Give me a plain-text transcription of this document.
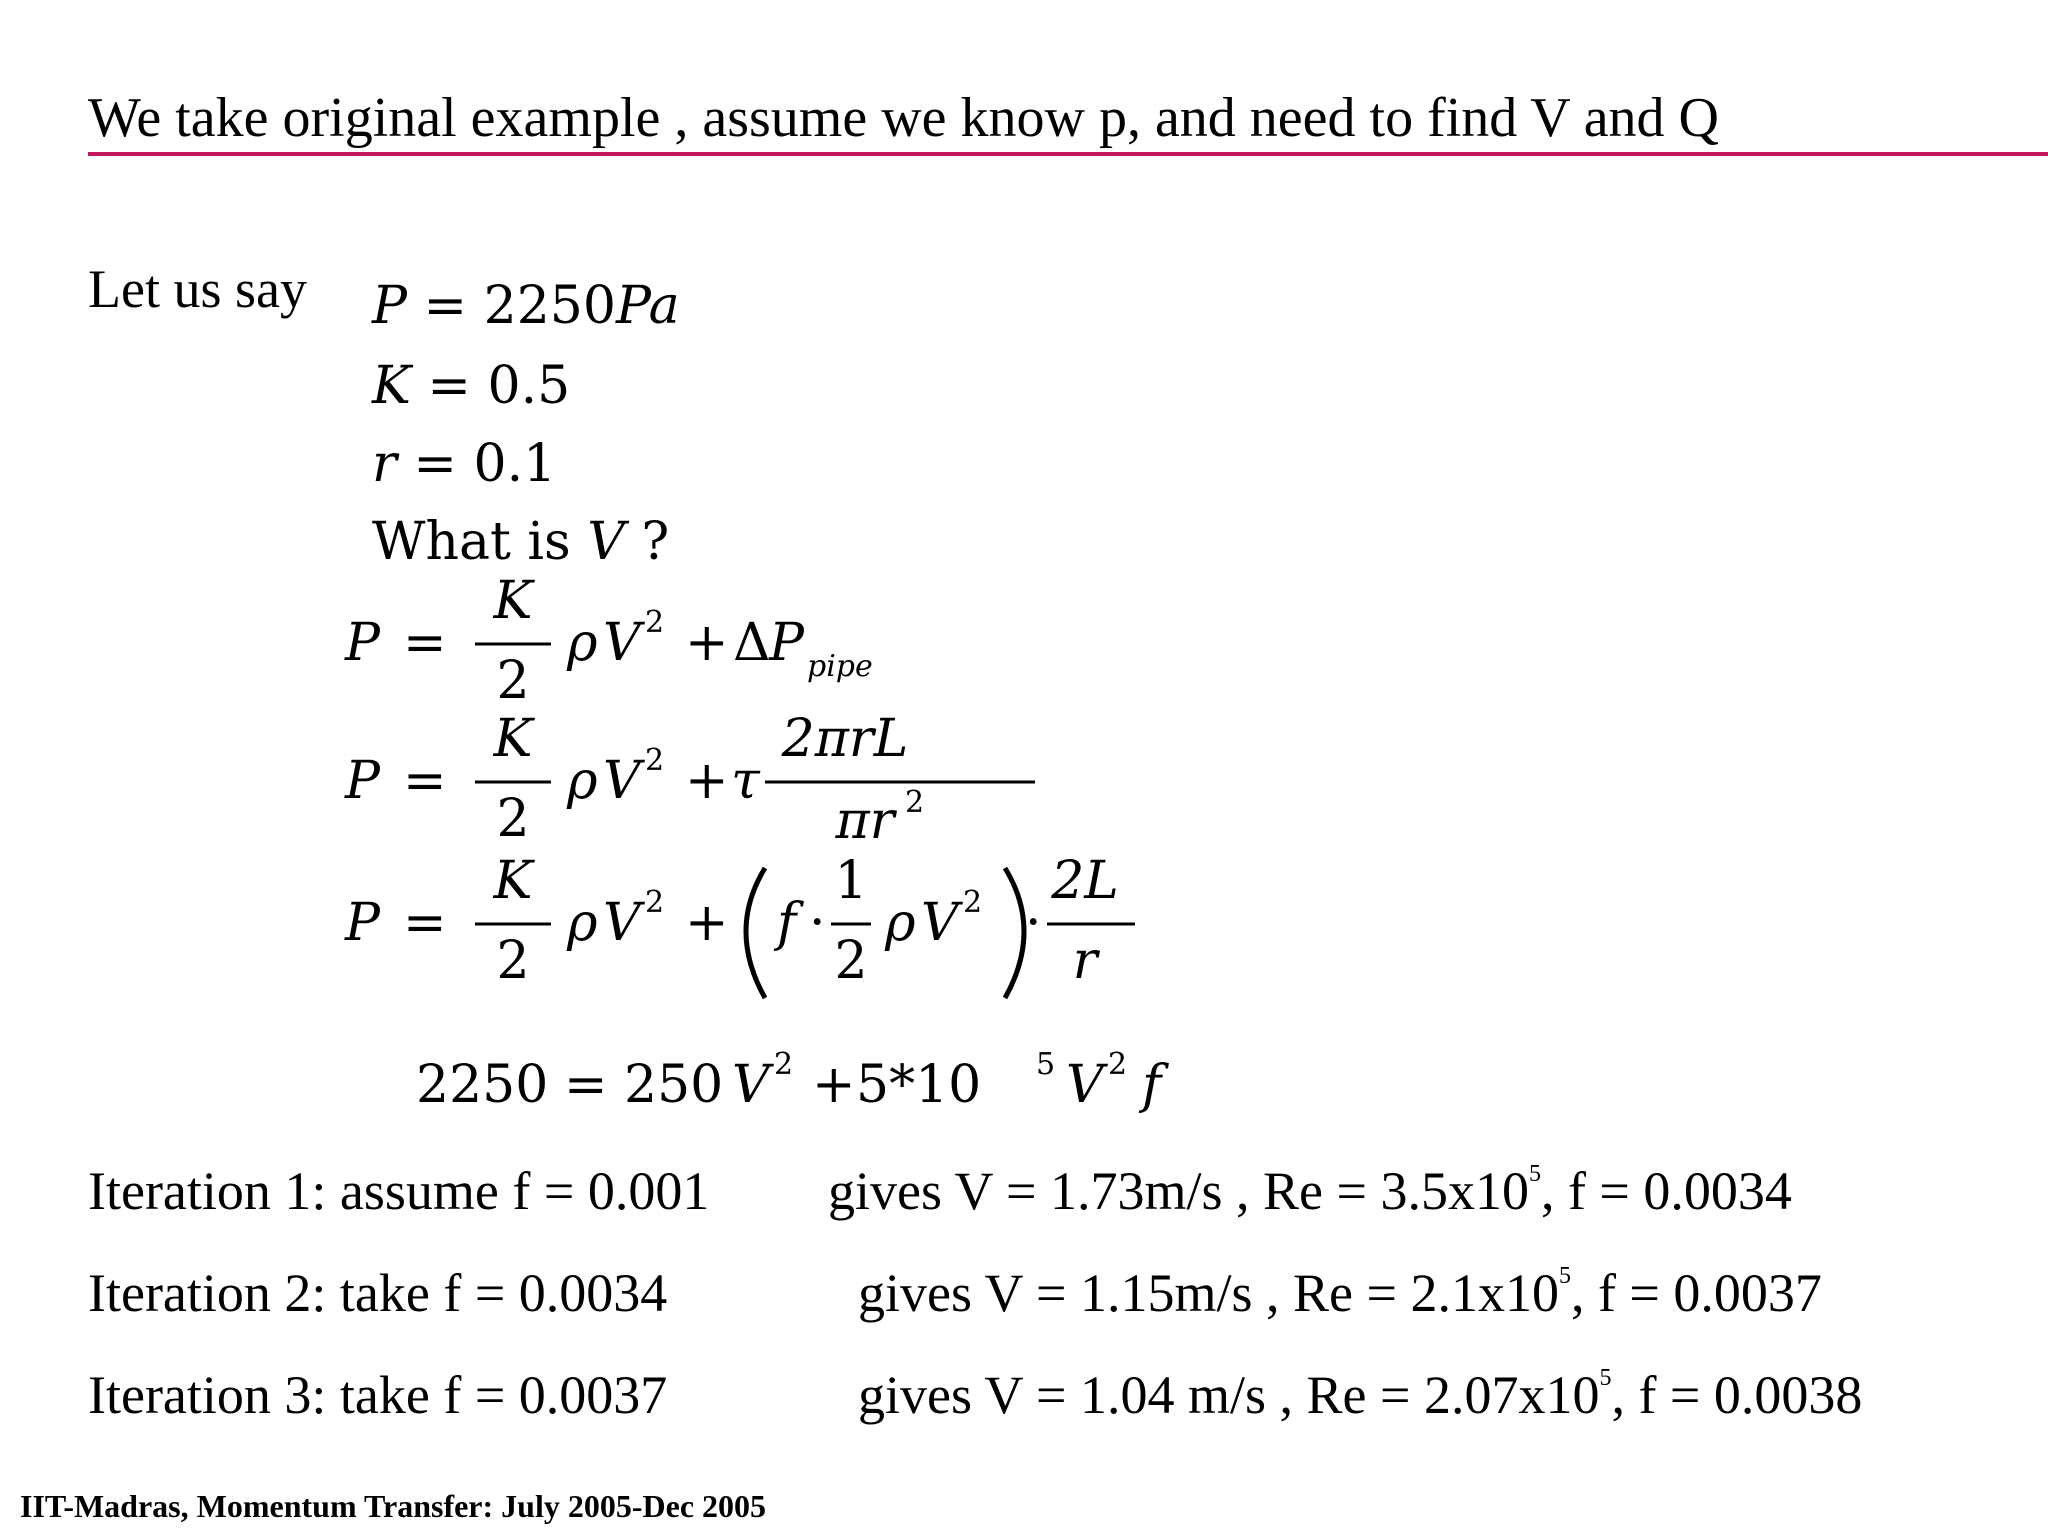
We take original example , assume we know p, and need to find V and Q
Let us say P = 2250Pa
K = 0.5
r = 0.1
What is V ?
P =
K
2
ρ V 2 + Δ
P pipe
P =
K
2
ρ V 2 + τ
2πrL
πr 2
P =
K
2
ρ V 2 + f ·
1
2
ρ V 2 ·
2L
r
2250 = 250 V 2 + 5*10 5 V 2 f
Iteration 1: assume f = 0.001 gives V = 1.73m/s , $Re = 3.5x10^5$, f = 0.0034
Iteration 2: take f = 0.0034	gives V = 1.15m/s , $Re = 2.1x10^5$, f = 0.0037
Iteration 3: take f = 0.0037	gives V = 1.04 m/s , $Re = 2.07x10^5$, f = 0.0038
IIT-Madras, Momentum Transfer: July 2005-Dec 2005
